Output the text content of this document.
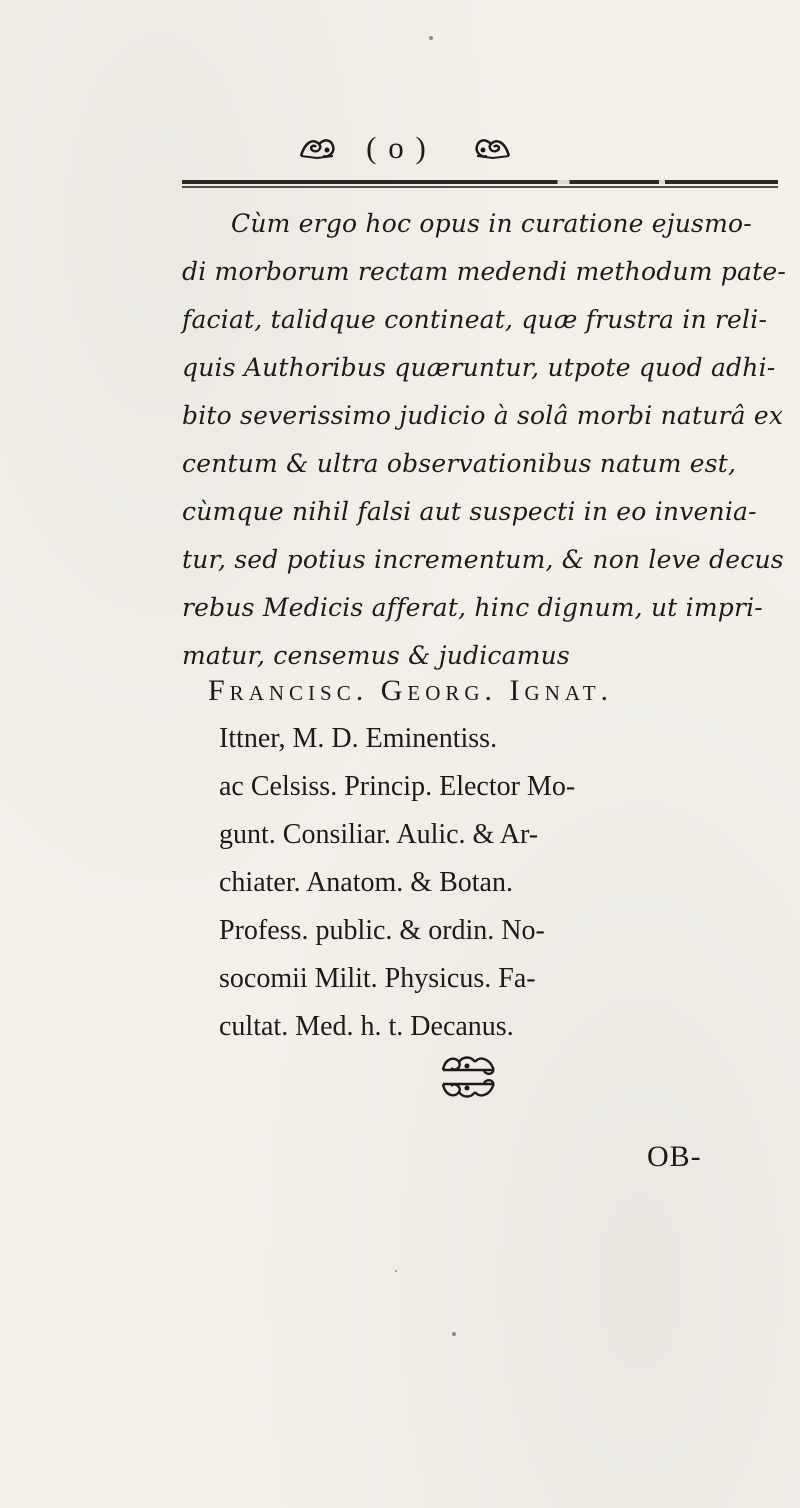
( o )
Cùm ergo hoc opus in curatione ejusmo-
di morborum rectam medendi methodum pate-
faciat, talidque contineat, quæ frustra in reli-
quis Authoribus quæruntur, utpote quod adhi-
bito severissimo judicio à solâ morbi naturâ ex
centum & ultra observationibus natum est,
cùmque nihil falsi aut suspecti in eo invenia-
tur, sed potius incrementum, & non leve decus
rebus Medicis afferat, hinc dignum, ut impri-
matur, censemus & judicamus
Francisc. Georg. Ignat.
Ittner, M. D. Eminentiss.
ac Celsiss. Princip. Elector Mo-
gunt. Consiliar. Aulic. & Ar-
chiater. Anatom. & Botan.
Profess. public. & ordin. No-
socomii Milit. Physicus. Fa-
cultat. Med. h. t. Decanus.
OB-
